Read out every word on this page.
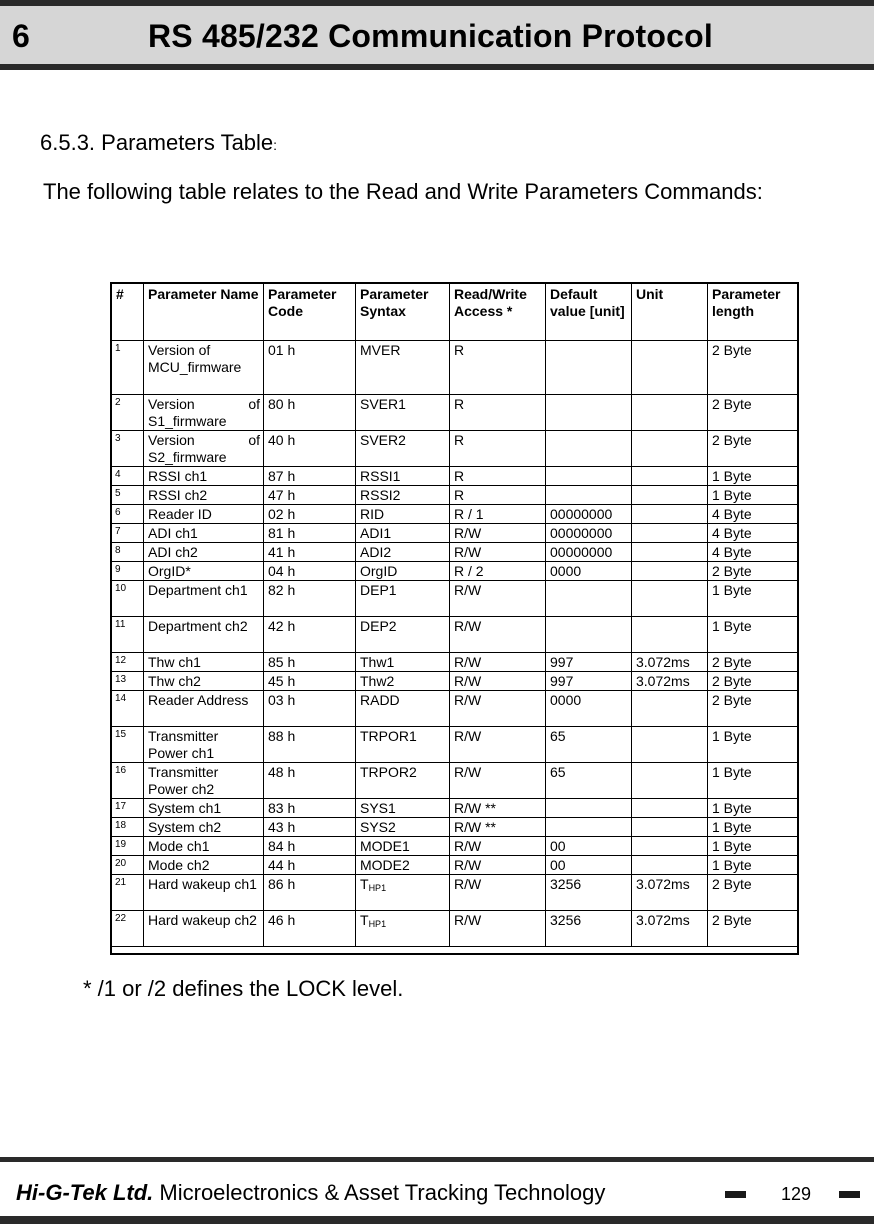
6	RS 485/232 Communication Protocol
6.5.3. Parameters Table:
The following table relates to the Read and Write Parameters Commands:
#	Parameter Name	Parameter Code	Parameter Syntax	Read/Write Access *	Default value [unit]	Unit	Parameter length
1	Version of MCU_firmware	01 h	MVER	R			2 Byte
2	Version of S1_firmware	80 h	SVER1	R			2 Byte
3	Version of S2_firmware	40 h	SVER2	R			2 Byte
4	RSSI ch1	87 h	RSSI1	R			1 Byte
5	RSSI ch2	47 h	RSSI2	R			1 Byte
6	Reader ID	02 h	RID	R / 1	00000000		4 Byte
7	ADI ch1	81 h	ADI1	R/W	00000000		4 Byte
8	ADI ch2	41 h	ADI2	R/W	00000000		4 Byte
9	OrgID*	04 h	OrgID	R / 2	0000		2 Byte
10	Department ch1	82 h	DEP1	R/W			1 Byte
11	Department ch2	42 h	DEP2	R/W			1 Byte
12	Thw ch1	85 h	Thw1	R/W	997	3.072ms	2 Byte
13	Thw ch2	45 h	Thw2	R/W	997	3.072ms	2 Byte
14	Reader Address	03 h	RADD	R/W	0000		2 Byte
15	Transmitter Power ch1	88 h	TRPOR1	R/W	65		1 Byte
16	Transmitter Power ch2	48 h	TRPOR2	R/W	65		1 Byte
17	System ch1	83 h	SYS1	R/W **			1 Byte
18	System ch2	43 h	SYS2	R/W **			1 Byte
19	Mode ch1	84 h	MODE1	R/W	00		1 Byte
20	Mode ch2	44 h	MODE2	R/W	00		1 Byte
21	Hard wakeup ch1	86 h	$T_{HP1}$	R/W	3256	3.072ms	2 Byte
22	Hard wakeup ch2	46 h	$T_{HP1}$	R/W	3256	3.072ms	2 Byte
* /1 or /2 defines the LOCK level.
Hi-G-Tek Ltd. Microelectronics & Asset Tracking Technology	129
